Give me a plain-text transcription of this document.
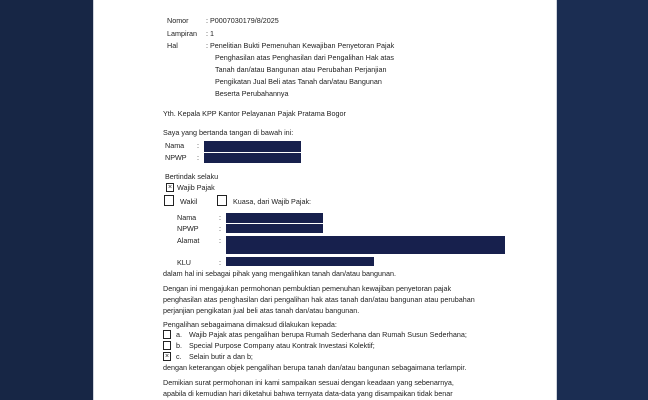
Nomor : P0007030179/8/2025
Lampiran : 1
Hal	: Penelitian Bukti Pemenuhan Kewajiban Penyetoran Pajak
Penghasilan atas Penghasilan dari Pengalihan Hak atas
Tanah dan/atau Bangunan atau Perubahan Perjanjian
Pengikatan Jual Beli atas Tanah dan/atau Bangunan
Beserta Perubahannya
Yth. Kepala KPP Kantor Pelayanan Pajak Pratama Bogor
Saya yang bertanda tangan di bawah ini:
Nama :
NPWP :
Bertindak selaku
× Wajib Pajak
Wakil	Kuasa, dari Wajib Pajak:
Nama	:
NPWP	:
Alamat	:
KLU	:
dalam hal ini sebagai pihak yang mengalihkan tanah dan/atau bangunan.
Dengan ini mengajukan permohonan pembuktian pemenuhan kewajiban penyetoran pajak
penghasilan atas penghasilan dari pengalihan hak atas tanah dan/atau bangunan atau perubahan
perjanjian pengikatan jual beli atas tanah dan/atau bangunan.
Pengalihan sebagaimana dimaksud dilakukan kepada:
a. Wajib Pajak atas pengalihan berupa Rumah Sederhana dan Rumah Susun Sederhana;
b. Special Purpose Company atau Kontrak Investasi Kolektif;
× c. Selain butir a dan b;
dengan keterangan objek pengalihan berupa tanah dan/atau bangunan sebagaimana terlampir.
Demikian surat permohonan ini kami sampaikan sesuai dengan keadaan yang sebenarnya,
apabila di kemudian hari diketahui bahwa ternyata data-data yang disampaikan tidak benar
